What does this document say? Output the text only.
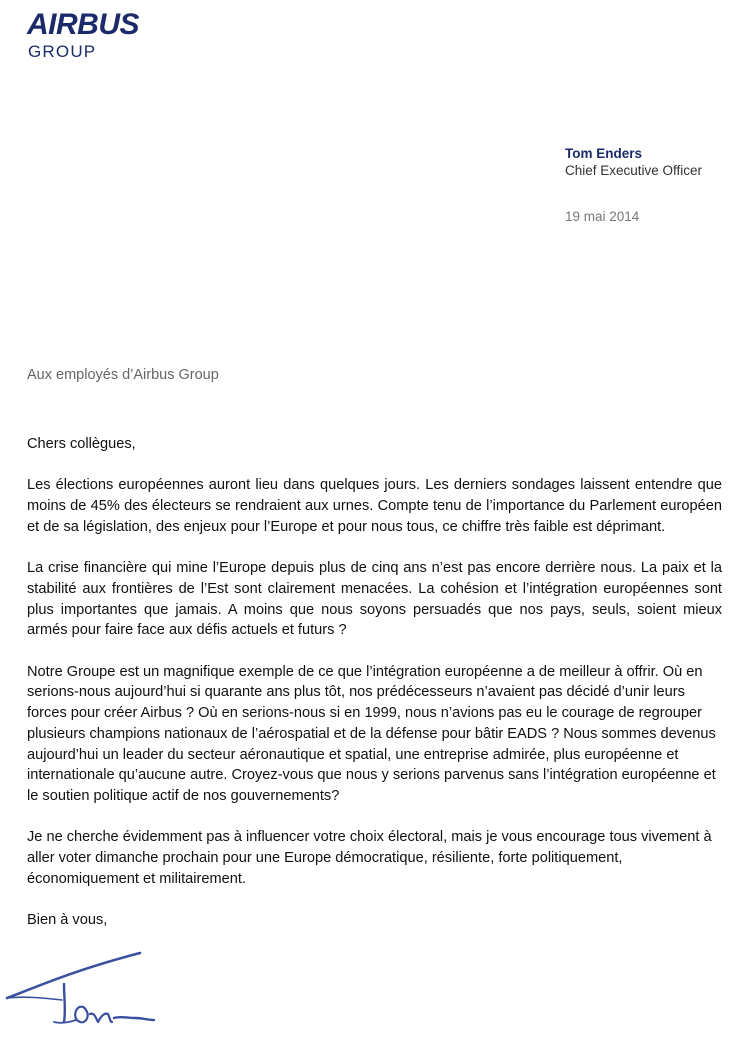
AIRBUS
GROUP
Tom Enders
Chief Executive Officer
19 mai 2014
Aux employés d’Airbus Group

Chers collègues,

Les élections européennes auront lieu dans quelques jours. Les derniers sondages laissent entendre que moins de 45% des électeurs se rendraient aux urnes. Compte tenu de l’importance du Parlement européen et de sa législation, des enjeux pour l’Europe et pour nous tous, ce chiffre très faible est déprimant.

La crise financière qui mine l’Europe depuis plus de cinq ans n’est pas encore derrière nous. La paix et la stabilité aux frontières de l’Est sont clairement menacées. La cohésion et l’intégration européennes sont plus importantes que jamais. A moins que nous soyons persuadés que nos pays, seuls, soient mieux armés pour faire face aux défis actuels et futurs ?

Notre Groupe est un magnifique exemple de ce que l’intégration européenne a de meilleur à offrir. Où en serions-nous aujourd’hui si quarante ans plus tôt, nos prédécesseurs n’avaient pas décidé d’unir leurs forces pour créer Airbus ? Où en serions-nous si en 1999, nous n’avions pas eu le courage de regrouper plusieurs champions nationaux de l’aérospatial et de la défense pour bâtir EADS ? Nous sommes devenus aujourd’hui un leader du secteur aéronautique et spatial, une entreprise admirée, plus européenne et internationale qu’aucune autre. Croyez-vous que nous y serions parvenus sans l’intégration européenne et le soutien politique actif de nos gouvernements?

Je ne cherche évidemment pas à influencer votre choix électoral, mais je vous encourage tous vivement à aller voter dimanche prochain pour une Europe démocratique, résiliente, forte politiquement, économiquement et militairement.

Bien à vous,
